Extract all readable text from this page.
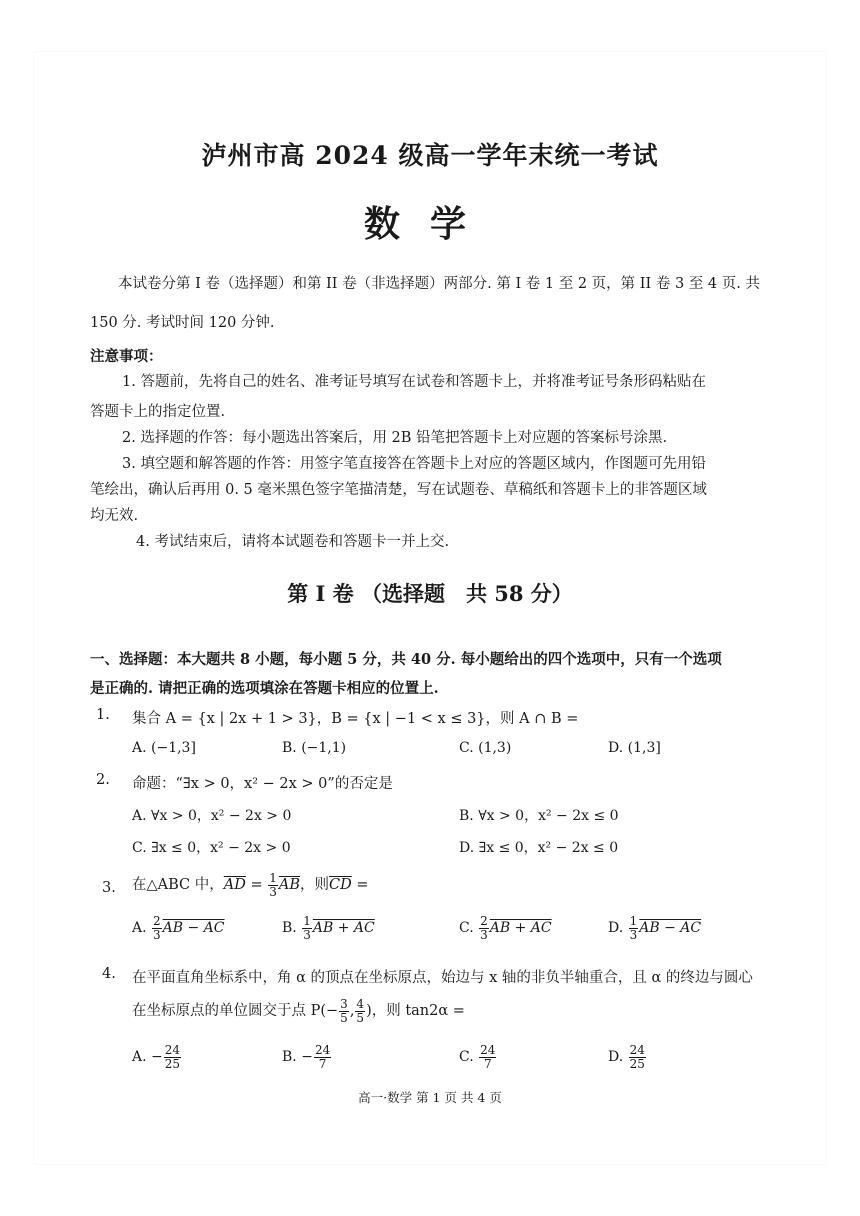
泸州市高 2024 级高一学年末统一考试
数学
本试卷分第 I 卷（选择题）和第 II 卷（非选择题）两部分. 第 I 卷 1 至 2 页，第 II 卷 3 至 4 页. 共
150 分. 考试时间 120 分钟.
注意事项：
1. 答题前，先将自己的姓名、准考证号填写在试卷和答题卡上，并将准考证号条形码粘贴在
答题卡上的指定位置.
2. 选择题的作答：每小题选出答案后，用 2B 铅笔把答题卡上对应题的答案标号涂黑.
3. 填空题和解答题的作答：用签字笔直接答在答题卡上对应的答题区域内，作图题可先用铅
笔绘出，确认后再用 0. 5 毫米黑色签字笔描清楚，写在试题卷、草稿纸和答题卡上的非答题区域
均无效.
4. 考试结束后，请将本试题卷和答题卡一并上交.
第 I 卷 （选择题　共 58 分）
一、选择题：本大题共 8 小题，每小题 5 分，共 40 分. 每小题给出的四个选项中，只有一个选项
是正确的. 请把正确的选项填涂在答题卡相应的位置上.
1. 集合 A = {x | 2x + 1 > 3}，B = {x | −1 < x ≤ 3}，则 A ∩ B =
A. (−1,3]	B. (−1,1)	C. (1,3)	D. (1,3]
2. 命题：“∃x > 0，x² − 2x > 0”的否定是
A. ∀x > 0，x² − 2x > 0	B. ∀x > 0，x² − 2x ≤ 0
C. ∃x ≤ 0，x² − 2x > 0	D. ∃x ≤ 0，x² − 2x ≤ 0
3. 在△ABC 中，$\overline{AD} = \frac{1}{3} \overline{AB}$，则$\overline{CD}$ =
A. $\frac{2}{3}$ AB − AC	B. $\frac{1}{3}$ AB + AC	C. $\frac{2}{3}$ AB + AC	D. $\frac{1}{3}$ AB − AC
4. 在平面直角坐标系中，角 α 的顶点在坐标原点，始边与 x 轴的非负半轴重合，且 α 的终边与圆心
在坐标原点的单位圆交于点 $P(- \frac{3}{5}$ , $\frac{4}{5}$ )，则 tan2α =
A. − $\frac{24}{25}$	B. − $\frac{24}{7}$	C. $\frac{24}{7}$	D. $\frac{24}{25}$
高一·数学 第 1 页 共 4 页
